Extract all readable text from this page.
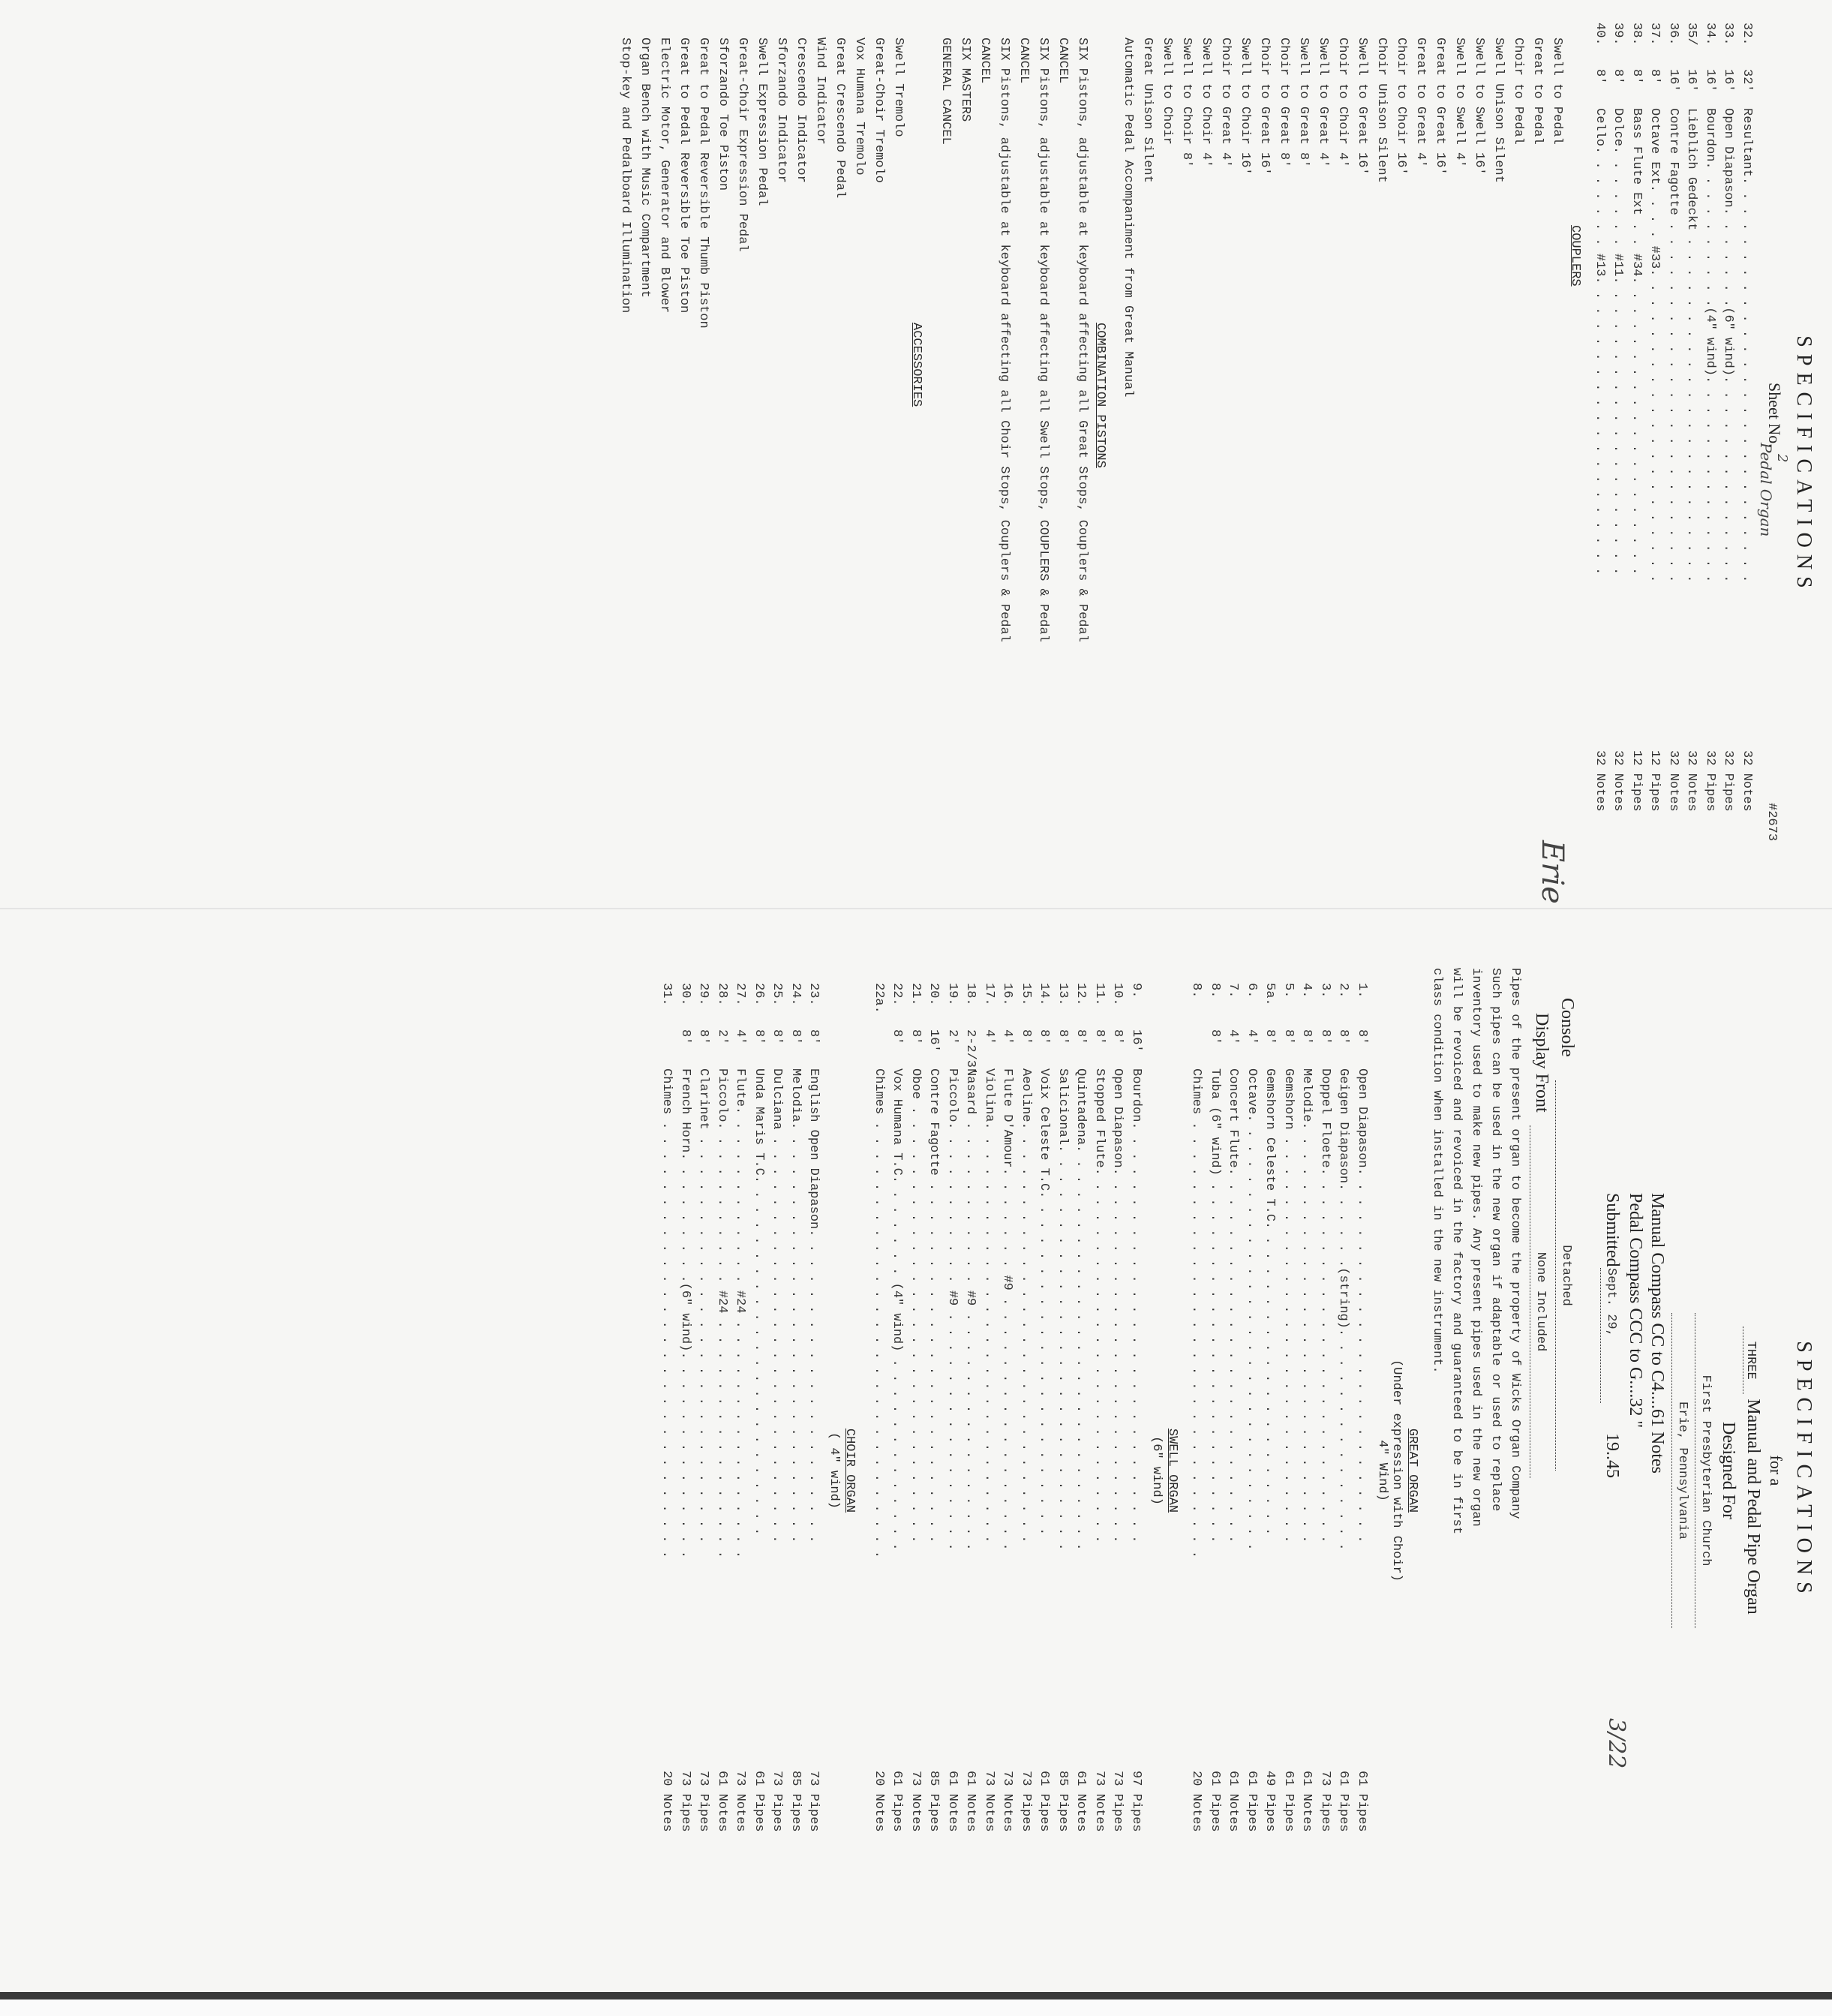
SPECIFICATIONS
Sheet No.
2
Pedal Organ
#2673
32.
32'
Resultant. . . . . . . . . . . . . . . . . . . . . . . . . . .
32 Notes
33.
16'
Open Diapason. . . . . . .(6" wind). . . . . . . . . . . . . .
32 Pipes
34.
16'
Bourdon. . . . . . . . . .(4" wind). . . . . . . . . . . . . .
32 Pipes
35/
16'
Lieblich Gedeckt . . . . . . . . . . . . . . . . . . . . . . .
32 Notes
36.
16'
Contre Fagotte . . . . . . . . . . . . . . . . . . . . . . . .
32 Notes
37.
8'
Octave Ext. . . . #33. . . . . . . . . . . . . . . . . . . . .
12 Pipes
38.
8'
Bass Flute Ext . . #34. . . . . . . . . . . . . . . . . . . .
12 Pipes
39.
8'
Dolce. . . . . . . #11. . . . . . . . . . . . . . . . . . . .
32 Notes
40.
8'
Cello. . . . . . . #13. . . . . . . . . . . . . . . . . . . .
32 Notes
COUPLERS
Swell to Pedal
Great to Pedal
Choir to Pedal
Swell Unison Silent
Swell to Swell 16'
Swell to Swell 4'
Great to Great 16'
Great to Great 4'
Choir to Choir 16'
Choir Unison Silent
Swell to Great 16'
Choir to Choir 4'
Swell to Great 4'
Swell to Great 8'
Choir to Great 8'
Choir to Great 16'
Swell to Choir 16'
Choir to Great 4'
Swell to Choir 4'
Swell to Choir 8'
Swell to Choir
Great Unison Silent
Automatic Pedal Accompaniment from Great Manual
COMBINATION PISTONS
SIX Pistons, adjustable at keyboard affecting all Great Stops, Couplers & Pedal
CANCEL
SIX Pistons, adjustable at keyboard affecting all Swell Stops, COUPLERS & Pedal
CANCEL
SIX Pistons, adjustable at keyboard affecting all Choir Stops, Couplers & Pedal
CANCEL
SIX MASTERS
GENERAL CANCEL
ACCESSORIES
Swell Tremolo
Great-Choir Tremolo
Vox Humana Tremolo
Great Crescendo Pedal
Wind Indicator
Crescendo Indicator
Sforzando Indicator
Swell Expression Pedal
Great-Choir Expression Pedal
Sforzando Toe Piston
Great to Pedal Reversible Thumb Piston
Great to Pedal Reversible Toe Piston
Electric Motor, Generator and Blower
Organ Bench with Music Compartment
Stop-key and Pedalboard Illumination
SPECIFICATIONS
for a
THREE Manual and Pedal Pipe Organ
Designed For
First Presbyterian Church
Erie, Pennsylvania
Manual Compass CC to C4....61 Notes
Pedal Compass CCC to G....32 "
Submitted
Sept. 29,
19..45
3/22
Console
Detached
Display Front
None Included
Erie
Pipes of the present organ to become the property of Wicks Organ Company
Such pipes can be used in the new organ if adaptable or used to replace
inventory used to make new pipes. Any present pipes used in the new organ
will be revoiced and revoiced in the factory and guaranteed to be in first
class condition when installed in the new instrument.
GREAT ORGAN
(Under expression with Choir)
4" Wind)
1.
8'
Open Diapason. . . . . . . . . . . . . . . . . . . . . . . . .
61 Pipes
2.
8'
Geigen Diapason. . . . . .(string). . . . . . . . . . . . . . .
61 Pipes
3.
8'
Doppel Floete. . . . . . . . . . . . . . . . . . . . . . . . .
73 Pipes
4.
8'
Melodie. . . . . . . . . . . . . . . . . . . . . . . . . . . .
61 Notes
5.
8'
Gemshorn . . . . . . . . . . . . . . . . . . . . . . . . . . .
61 Pipes
5a.
8'
Gemshorn Celeste T.C. . . . . . . . . . . . . . . . . . . . .
49 Pipes
6.
4'
Octave. . . . . . . . . . . . . . . . . . . . . . . . . . . . .
61 Pipes
7.
4'
Concert Flute. . . . . . . . . . . . . . . . . . . . . . . . .
61 Notes
8.
8'
Tuba (6" wind) . . . . . . . . . . . . . . . . . . . . . . . .
61 Pipes
8.
Chimes . . . . . . . . . . . . . . . . . . . . . . . . . . . . .
20 Notes
SWELL ORGAN
(6" wind)
9.
16'
Bourdon. . . . . . . . . . . . . . . . . . . . . . . . . . . .
97 Pipes
10.
8'
Open Diapason. . . . . . . . . . . . . . . . . . . . . . . . .
73 Pipes
11.
8'
Stopped Flute. . . . . . . . . . . . . . . . . . . . . . . . .
73 Notes
12.
8'
Quintadena. . . . . . . . . . . . . . . . . . . . . . . . . . .
61 Notes
13.
8'
Salicional. . . . . . . . . . . . . . . . . . . . . . . . . . .
85 Pipes
14.
8'
Voix Celeste T.C. . . . . . . . . . . . . . . . . . . . . . .
61 Pipes
15.
8'
Aeoline. . . . . . . . . . . . . . . . . . . . . . . . . . . .
73 Pipes
16.
4'
Flute D'Amour. . . . . . . #9 . . . . . . . . . . . . . . . . .
73 Notes
17.
4'
Violina. . . . . . . . . . . . . . . . . . . . . . . . . . . .
73 Notes
18.
2-2/3'
Nasard . . . . . . . . . . . #9 . . . . . . . . . . . . . . . .
61 Notes
19.
2'
Piccolo. . . . . . . . . . . #9 . . . . . . . . . . . . . . . .
61 Notes
20.
16'
Contre Fagotte . . . . . . . . . . . . . . . . . . . . . . . .
85 Pipes
21.
8'
Oboe . . . . . . . . . . . . . . . . . . . . . . . . . . . . .
73 Notes
22.
8'
Vox Humana T.C. . . . . . . (4" wind) . . . . . . . . . . . . .
61 Pipes
22a.
Chimes . . . . . . . . . . . . . . . . . . . . . . . . . . . . .
20 Notes
CHOIR ORGAN
( 4" wind)
23.
8'
English Open Diapason. . . . . . . . . . . . . . . . . . . . .
73 Pipes
24.
8'
Melodia. . . . . . . . . . . . . . . . . . . . . . . . . . . .
85 Pipes
25.
8'
Dulciana . . . . . . . . . . . . . . . . . . . . . . . . . . .
73 Pipes
26.
8'
Unda Maris T.C. . . . . . . . . . . . . . . . . . . . . . . .
61 Pipes
27.
4'
Flute. . . . . . . . . . . . #24 . . . . . . . . . . . . . . . .
73 Notes
28.
2'
Piccolo. . . . . . . . . . . #24 . . . . . . . . . . . . . . . .
61 Notes
29.
8'
Clarinet . . . . . . . . . . . . . . . . . . . . . . . . . . .
73 Pipes
30.
8'
French Horn. . . . . . . . .(6" wind). . . . . . . . . . . . . .
73 Pipes
31.
Chimes . . . . . . . . . . . . . . . . . . . . . . . . . . . . .
20 Notes
